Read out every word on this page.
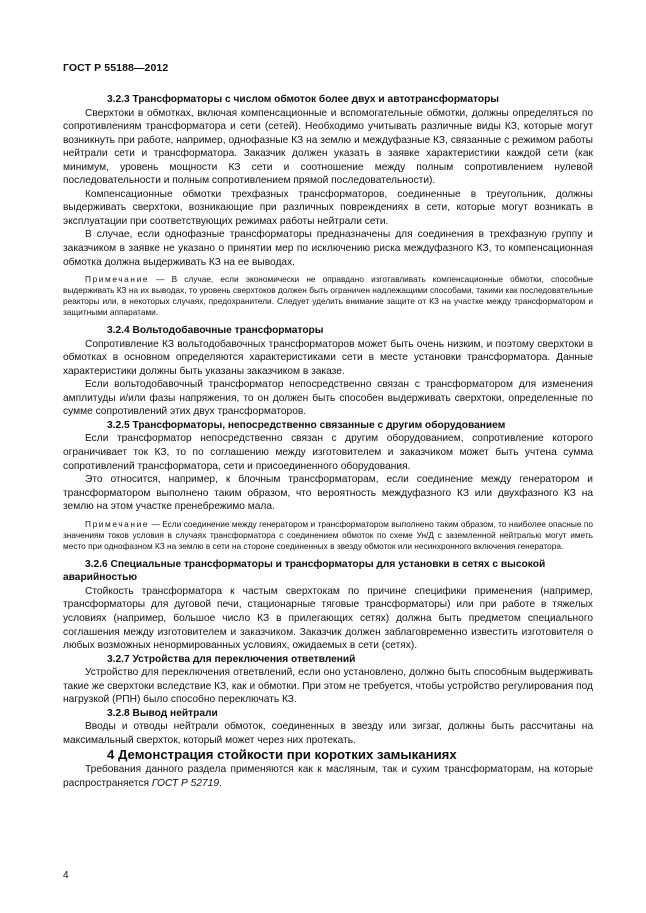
ГОСТ Р 55188—2012

3.2.3 Трансформаторы с числом обмоток более двух и автотрансформаторы

Сверхтоки в обмотках, включая компенсационные и вспомогательные обмотки, должны определяться по сопротивлениям трансформатора и сети (сетей). Необходимо учитывать различные виды КЗ, которые могут возникнуть при работе, например, однофазные КЗ на землю и междуфазные КЗ, связанные с режимом работы нейтрали сети и трансформатора. Заказчик должен указать в заявке характеристики каждой сети (как минимум, уровень мощности КЗ сети и соотношение между полным сопротивлением нулевой последовательности и полным сопротивлением прямой последовательности).

Компенсационные обмотки трехфазных трансформаторов, соединенные в треугольник, должны выдерживать сверхтоки, возникающие при различных повреждениях в сети, которые могут возникать в эксплуатации при соответствующих режимах работы нейтрали сети.

В случае, если однофазные трансформаторы предназначены для соединения в трехфазную группу и заказчиком в заявке не указано о принятии мер по исключению риска междуфазного КЗ, то компенсационная обмотка должна выдерживать КЗ на ее выводах.

Примечание — В случае, если экономически не оправдано изготавливать компенсационные обмотки, способные выдерживать КЗ на их выводах, то уровень сверхтоков должен быть ограничен надлежащими способами, такими как последовательные реакторы или, в некоторых случаях, предохранители. Следует уделить внимание защите от КЗ на участке между трансформатором и защитными аппаратами.

3.2.4 Вольтодобавочные трансформаторы

Сопротивление КЗ вольтодобавочных трансформаторов может быть очень низким, и поэтому сверхтоки в обмотках в основном определяются характеристиками сети в месте установки трансформатора. Данные характеристики должны быть указаны заказчиком в заказе.

Если вольтодобавочный трансформатор непосредственно связан с трансформатором для изменения амплитуды и/или фазы напряжения, то он должен быть способен выдерживать сверхтоки, определенные по сумме сопротивлений этих двух трансформаторов.

3.2.5 Трансформаторы, непосредственно связанные с другим оборудованием

Если трансформатор непосредственно связан с другим оборудованием, сопротивление которого ограничивает ток КЗ, то по соглашению между изготовителем и заказчиком может быть учтена сумма сопротивлений трансформатора, сети и присоединенного оборудования.

Это относится, например, к блочным трансформаторам, если соединение между генератором и трансформатором выполнено таким образом, что вероятность междуфазного КЗ или двухфазного КЗ на землю на этом участке пренебрежимо мала.

Примечание — Если соединение между генератором и трансформатором выполнено таким образом, то наиболее опасные по значениям токов условия в случаях трансформатора с соединением обмоток по схеме Ун/Д с заземленной нейтралью могут иметь место при однофазном КЗ на землю в сети на стороне соединенных в звезду обмоток или несинхронного включения генератора.

3.2.6 Специальные трансформаторы и трансформаторы для установки в сетях с высокой аварийностью

Стойкость трансформатора к частым сверхтокам по причине специфики применения (например, трансформаторы для дуговой печи, стационарные тяговые трансформаторы) или при работе в тяжелых условиях (например, большое число КЗ в прилегающих сетях) должна быть предметом специального соглашения между изготовителем и заказчиком. Заказчик должен заблаговременно известить изготовителя о любых возможных ненормированных условиях, ожидаемых в сети (сетях).

3.2.7 Устройства для переключения ответвлений

Устройство для переключения ответвлений, если оно установлено, должно быть способным выдерживать такие же сверхтоки вследствие КЗ, как и обмотки. При этом не требуется, чтобы устройство регулирования под нагрузкой (РПН) было способно переключать КЗ.

3.2.8 Вывод нейтрали

Вводы и отводы нейтрали обмоток, соединенных в звезду или зигзаг, должны быть рассчитаны на максимальный сверхток, который может через них протекать.

4 Демонстрация стойкости при коротких замыканиях

Требования данного раздела применяются как к масляным, так и сухим трансформаторам, на которые распространяется ГОСТ Р 52719.

4
